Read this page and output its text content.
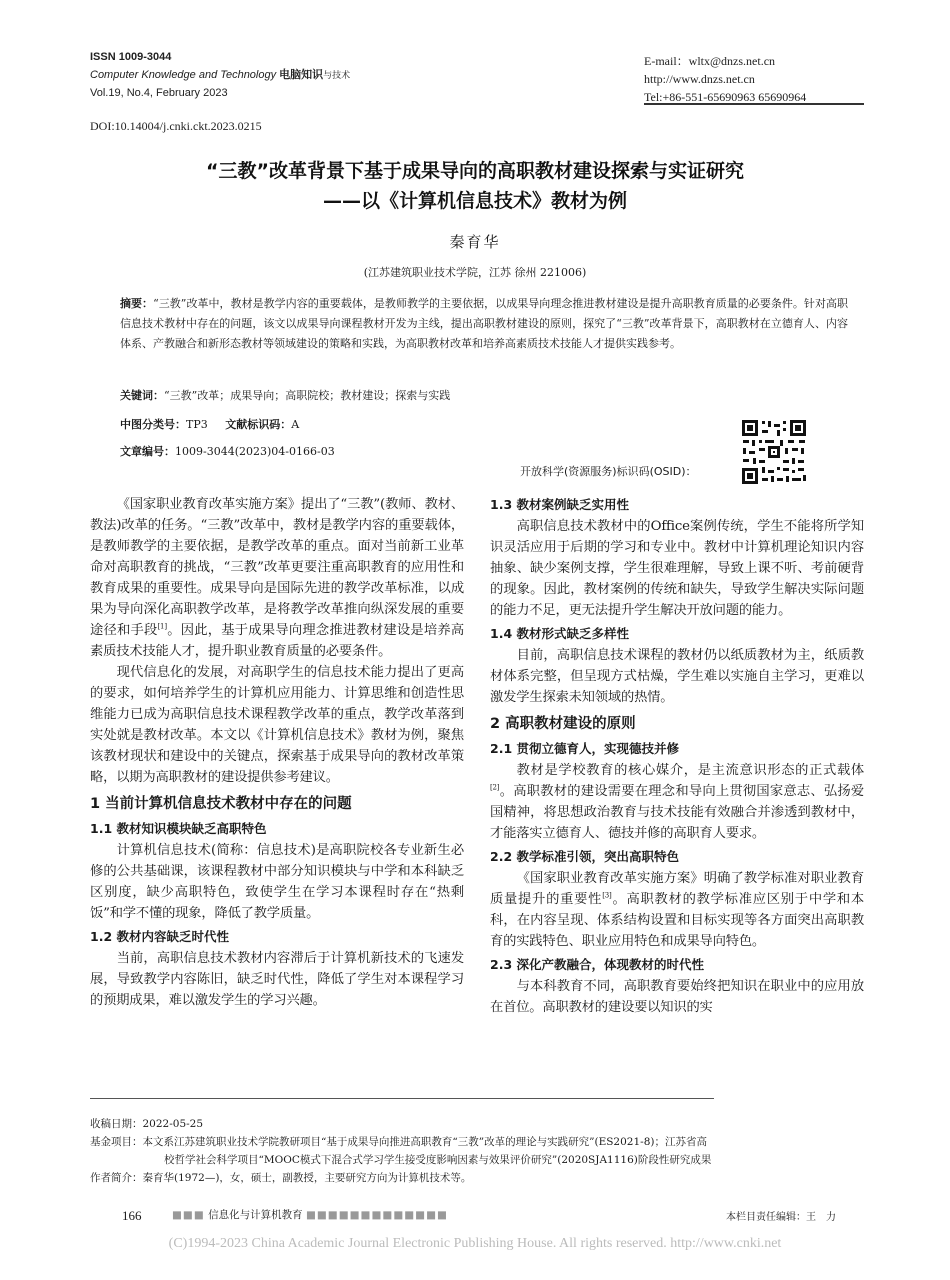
ISSN 1009-3044
Computer Knowledge and Technology 电脑知识与技术
Vol.19, No.4, February 2023
E-mail：wltx@dnzs.net.cn
http://www.dnzs.net.cn
Tel:+86-551-65690963 65690964
DOI:10.14004/j.cnki.ckt.2023.0215
“三教”改革背景下基于成果导向的高职教材建设探索与实证研究
——以《计算机信息技术》教材为例
秦育华
(江苏建筑职业技术学院，江苏 徐州 221006)
摘要：“三教”改革中，教材是教学内容的重要载体，是教师教学的主要依据，以成果导向理念推进教材建设是提升高职教育质量的必要条件。针对高职信息技术教材中存在的问题，该文以成果导向课程教材开发为主线，提出高职教材建设的原则，探究了“三教”改革背景下，高职教材在立德育人、内容体系、产教融合和新形态教材等领域建设的策略和实践，为高职教材改革和培养高素质技术技能人才提供实践参考。
关键词：“三教”改革；成果导向；高职院校；教材建设；探索与实践
中图分类号：TP3 文献标识码：A
文章编号：1009-3044(2023)04-0166-03
开放科学(资源服务)标识码(OSID)：

《国家职业教育改革实施方案》提出了“三教”(教师、教材、教法)改革的任务。“三教”改革中，教材是教学内容的重要载体，是教师教学的主要依据，是教学改革的重点。面对当前新工业革命对高职教育的挑战，“三教”改革更要注重高职教育的应用性和教育成果的重要性。成果导向是国际先进的教学改革标准，以成果为导向深化高职教学改革，是将教学改革推向纵深发展的重要途径和手段[1]。因此，基于成果导向理念推进教材建设是培养高素质技术技能人才，提升职业教育质量的必要条件。

现代信息化的发展，对高职学生的信息技术能力提出了更高的要求，如何培养学生的计算机应用能力、计算思维和创造性思维能力已成为高职信息技术课程教学改革的重点，教学改革落到实处就是教材改革。本文以《计算机信息技术》教材为例，聚焦该教材现状和建设中的关键点，探索基于成果导向的教材改革策略，以期为高职教材的建设提供参考建议。

1 当前计算机信息技术教材中存在的问题
1.1 教材知识模块缺乏高职特色

计算机信息技术(简称：信息技术)是高职院校各专业新生必修的公共基础课，该课程教材中部分知识模块与中学和本科缺乏区别度，缺少高职特色，致使学生在学习本课程时存在“热剩饭”和学不懂的现象，降低了教学质量。

1.2 教材内容缺乏时代性

当前，高职信息技术教材内容滞后于计算机新技术的飞速发展，导致教学内容陈旧，缺乏时代性，降低了学生对本课程学习的预期成果，难以激发学生的学习兴趣。

1.3 教材案例缺乏实用性

高职信息技术教材中的Office案例传统，学生不能将所学知识灵活应用于后期的学习和专业中。教材中计算机理论知识内容抽象、缺少案例支撑，学生很难理解，导致上课不听、考前硬背的现象。因此，教材案例的传统和缺失，导致学生解决实际问题的能力不足，更无法提升学生解决开放问题的能力。

1.4 教材形式缺乏多样性

目前，高职信息技术课程的教材仍以纸质教材为主，纸质教材体系完整，但呈现方式枯燥，学生难以实施自主学习，更难以激发学生探索未知领域的热情。

2 高职教材建设的原则
2.1 贯彻立德育人，实现德技并修

教材是学校教育的核心媒介，是主流意识形态的正式载体[2]。高职教材的建设需要在理念和导向上贯彻国家意志、弘扬爱国精神，将思想政治教育与技术技能有效融合并渗透到教材中，才能落实立德育人、德技并修的高职育人要求。

2.2 教学标准引领，突出高职特色

《国家职业教育改革实施方案》明确了教学标准对职业教育质量提升的重要性[3]。高职教材的教学标准应区别于中学和本科，在内容呈现、体系结构设置和目标实现等各方面突出高职教育的实践特色、职业应用特色和成果导向特色。

2.3 深化产教融合，体现教材的时代性

与本科教育不同，高职教育要始终把知识在职业中的应用放在首位。高职教材的建设要以知识的实

收稿日期：2022-05-25
基金项目：本文系江苏建筑职业技术学院教研项目“基于成果导向推进高职教育“三教”改革的理论与实践研究”(ES2021-8)；江苏省高
校哲学社会科学项目“MOOC模式下混合式学习学生接受度影响因素与效果评价研究”(2020SJA1116)阶段性研究成果
作者简介：秦育华(1972—)，女，硕士，副教授，主要研究方向为计算机技术等。
166	■■■ 信息化与计算机教育 ■■■■■■■■■■■■■	本栏目责任编辑：王　力
(C)1994-2023 China Academic Journal Electronic Publishing House. All rights reserved. http://www.cnki.net
